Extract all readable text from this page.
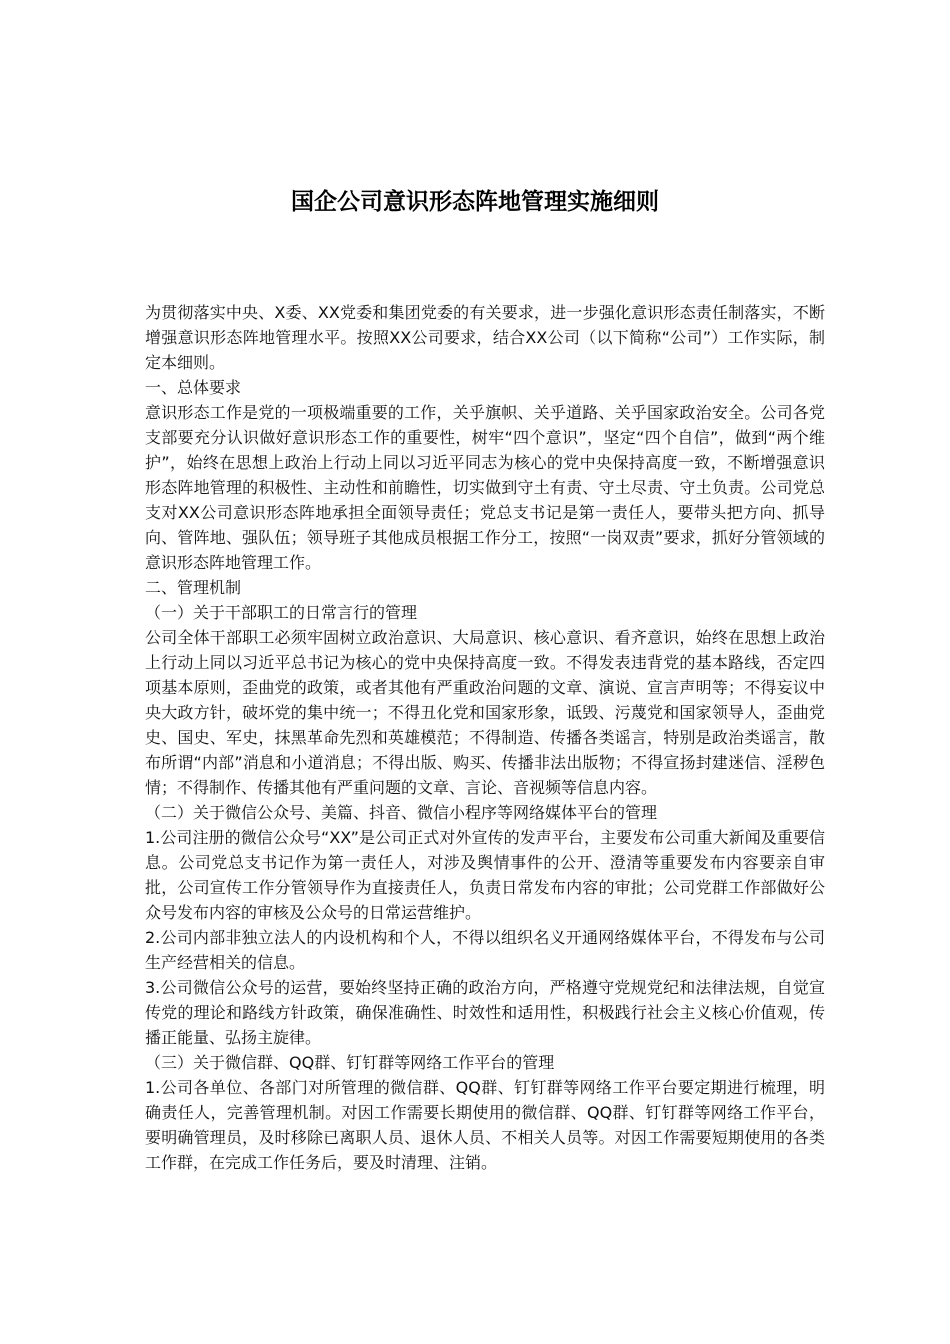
国企公司意识形态阵地管理实施细则

为贯彻落实中央、X委、XX党委和集团党委的有关要求，进一步强化意识形态责任制落实，不断增强意识形态阵地管理水平。按照XX公司要求，结合XX公司（以下简称“公司”）工作实际，制定本细则。

一、总体要求

意识形态工作是党的一项极端重要的工作，关乎旗帜、关乎道路、关乎国家政治安全。公司各党支部要充分认识做好意识形态工作的重要性，树牢“四个意识”，坚定“四个自信”，做到“两个维护”，始终在思想上政治上行动上同以习近平同志为核心的党中央保持高度一致，不断增强意识形态阵地管理的积极性、主动性和前瞻性，切实做到守土有责、守土尽责、守土负责。公司党总支对XX公司意识形态阵地承担全面领导责任；党总支书记是第一责任人，要带头把方向、抓导向、管阵地、强队伍；领导班子其他成员根据工作分工，按照“一岗双责”要求，抓好分管领域的意识形态阵地管理工作。

二、管理机制

（一）关于干部职工的日常言行的管理

公司全体干部职工必须牢固树立政治意识、大局意识、核心意识、看齐意识，始终在思想上政治上行动上同以习近平总书记为核心的党中央保持高度一致。不得发表违背党的基本路线，否定四项基本原则，歪曲党的政策，或者其他有严重政治问题的文章、演说、宣言声明等；不得妄议中央大政方针，破坏党的集中统一；不得丑化党和国家形象，诋毁、污蔑党和国家领导人，歪曲党史、国史、军史，抹黑革命先烈和英雄模范；不得制造、传播各类谣言，特别是政治类谣言，散布所谓“内部”消息和小道消息；不得出版、购买、传播非法出版物；不得宣扬封建迷信、淫秽色情；不得制作、传播其他有严重问题的文章、言论、音视频等信息内容。

（二）关于微信公众号、美篇、抖音、微信小程序等网络媒体平台的管理

1.公司注册的微信公众号“XX”是公司正式对外宣传的发声平台，主要发布公司重大新闻及重要信息。公司党总支书记作为第一责任人，对涉及舆情事件的公开、澄清等重要发布内容要亲自审批，公司宣传工作分管领导作为直接责任人，负责日常发布内容的审批；公司党群工作部做好公众号发布内容的审核及公众号的日常运营维护。

2.公司内部非独立法人的内设机构和个人，不得以组织名义开通网络媒体平台，不得发布与公司生产经营相关的信息。

3.公司微信公众号的运营，要始终坚持正确的政治方向，严格遵守党规党纪和法律法规，自觉宣传党的理论和路线方针政策，确保准确性、时效性和适用性，积极践行社会主义核心价值观，传播正能量、弘扬主旋律。

（三）关于微信群、QQ群、钉钉群等网络工作平台的管理

1.公司各单位、各部门对所管理的微信群、QQ群、钉钉群等网络工作平台要定期进行梳理，明确责任人，完善管理机制。对因工作需要长期使用的微信群、QQ群、钉钉群等网络工作平台，要明确管理员，及时移除已离职人员、退休人员、不相关人员等。对因工作需要短期使用的各类工作群，在完成工作任务后，要及时清理、注销。
